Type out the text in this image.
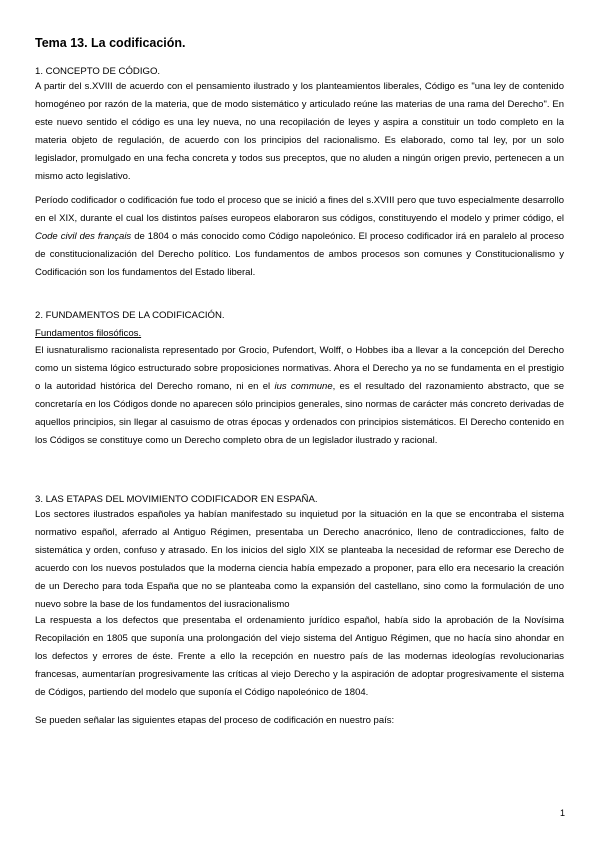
Tema 13. La codificación.
1. CONCEPTO DE CÓDIGO.
A partir del s.XVIII de acuerdo con el pensamiento ilustrado y los planteamientos liberales, Código es "una ley de contenido homogéneo por razón de la materia, que de modo sistemático y articulado reúne las materias de una rama del Derecho". En este nuevo sentido el código es una ley nueva, no una recopilación de leyes y aspira a constituir un todo completo en la materia objeto de regulación, de acuerdo con los principios del racionalismo. Es elaborado, como tal ley, por un solo legislador, promulgado en una fecha concreta y todos sus preceptos, que no aluden a ningún origen previo, pertenecen a un mismo acto legislativo.
Período codificador o codificación fue todo el proceso que se inició a fines del s.XVIII pero que tuvo especialmente desarrollo en el XIX, durante el cual los distintos países europeos elaboraron sus códigos, constituyendo el modelo y primer código, el Code civil des français de 1804 o más conocido como Código napoleónico. El proceso codificador irá en paralelo al proceso de constitucionalización del Derecho político. Los fundamentos de ambos procesos son comunes y Constitucionalismo y Codificación son los fundamentos del Estado liberal.
2. FUNDAMENTOS DE LA CODIFICACIÓN.
Fundamentos filosóficos.
El iusnaturalismo racionalista representado por Grocio, Pufendort, Wolff, o Hobbes iba a llevar a la concepción del Derecho como un sistema lógico estructurado sobre proposiciones normativas. Ahora el Derecho ya no se fundamenta en el prestigio o la autoridad histórica del Derecho romano, ni en el ius commune, es el resultado del razonamiento abstracto, que se concretaría en los Códigos donde no aparecen sólo principios generales, sino normas de carácter más concreto derivadas de aquellos principios, sin llegar al casuismo de otras épocas y ordenados con principios sistemáticos. El Derecho contenido en los Códigos se constituye como un Derecho completo obra de un legislador ilustrado y racional.
3. LAS ETAPAS DEL MOVIMIENTO CODIFICADOR EN ESPAÑA.
Los sectores ilustrados españoles ya habían manifestado su inquietud por la situación en la que se encontraba el sistema normativo español, aferrado al Antiguo Régimen, presentaba un Derecho anacrónico, lleno de contradicciones, falto de sistemática y orden, confuso y atrasado. En los inicios del siglo XIX se planteaba la necesidad de reformar ese Derecho de acuerdo con los nuevos postulados que la moderna ciencia había empezado a proponer, para ello era necesario la creación de un Derecho para toda España que no se planteaba como la expansión del castellano, sino como la formulación de uno nuevo sobre la base de los fundamentos del iusracionalismo
La respuesta a los defectos que presentaba el ordenamiento jurídico español, había sido la aprobación de la Novísima Recopilación en 1805 que suponía una prolongación del viejo sistema del Antiguo Régimen, que no hacía sino ahondar en los defectos y errores de éste. Frente a ello la recepción en nuestro país de las modernas ideologías revolucionarias francesas, aumentarían progresivamente las críticas al viejo Derecho y la aspiración de adoptar progresivamente el sistema de Códigos, partiendo del modelo que suponía el Código napoleónico de 1804.
Se pueden señalar las siguientes etapas del proceso de codificación en nuestro país:
1
